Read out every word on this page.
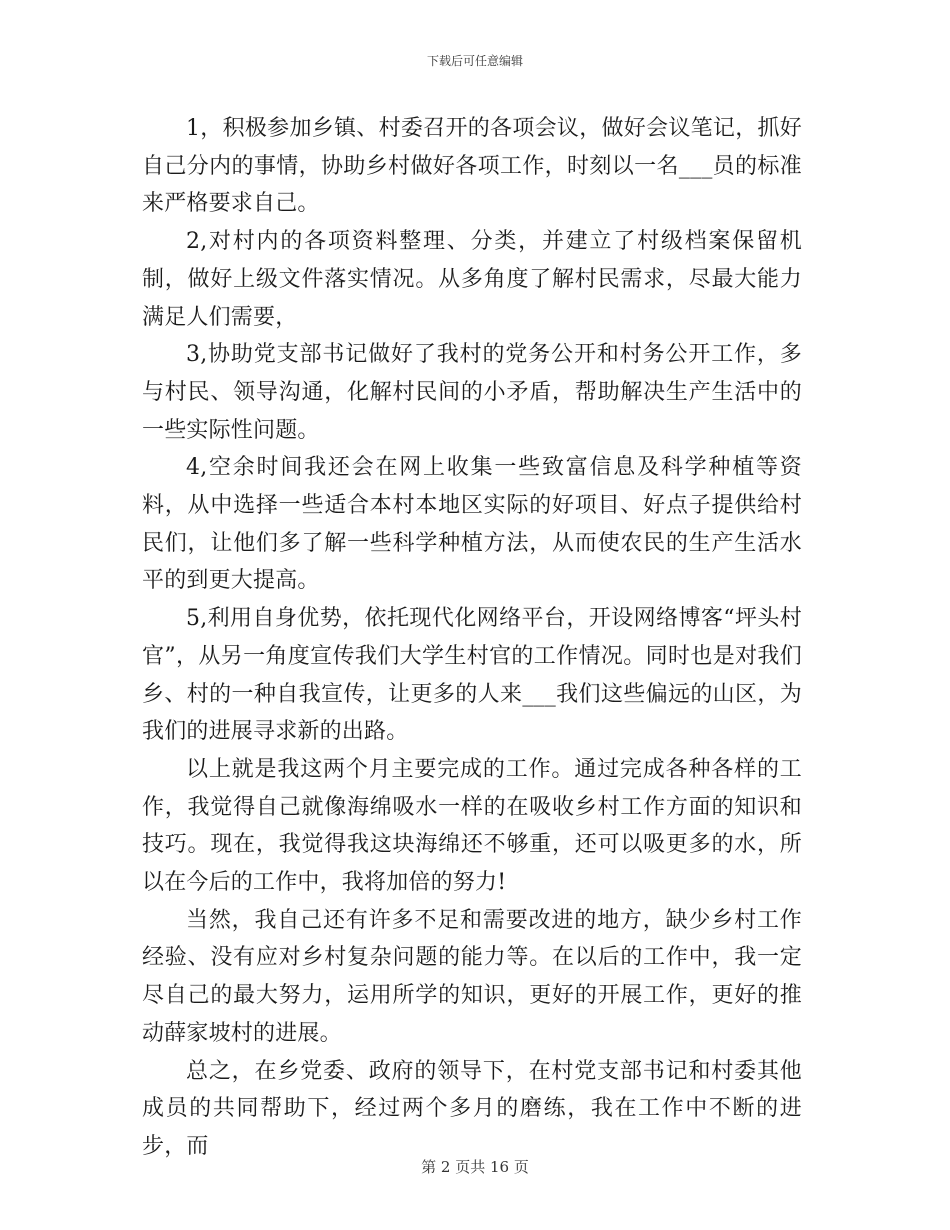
下载后可任意编辑

1，积极参加乡镇、村委召开的各项会议，做好会议笔记，抓好自己分内的事情，协助乡村做好各项工作，时刻以一名___员的标准来严格要求自己。

2,对村内的各项资料整理、分类，并建立了村级档案保留机制，做好上级文件落实情况。从多角度了解村民需求，尽最大能力满足人们需要，

3,协助党支部书记做好了我村的党务公开和村务公开工作，多与村民、领导沟通，化解村民间的小矛盾，帮助解决生产生活中的一些实际性问题。

4,空余时间我还会在网上收集一些致富信息及科学种植等资料，从中选择一些适合本村本地区实际的好项目、好点子提供给村民们，让他们多了解一些科学种植方法，从而使农民的生产生活水平的到更大提高。

5,利用自身优势，依托现代化网络平台，开设网络博客“坪头村官”，从另一角度宣传我们大学生村官的工作情况。同时也是对我们乡、村的一种自我宣传，让更多的人来___我们这些偏远的山区，为我们的进展寻求新的出路。

以上就是我这两个月主要完成的工作。通过完成各种各样的工作，我觉得自己就像海绵吸水一样的在吸收乡村工作方面的知识和技巧。现在，我觉得我这块海绵还不够重，还可以吸更多的水，所以在今后的工作中，我将加倍的努力!

当然，我自己还有许多不足和需要改进的地方，缺少乡村工作经验、没有应对乡村复杂问题的能力等。在以后的工作中，我一定尽自己的最大努力，运用所学的知识，更好的开展工作，更好的推动薛家坡村的进展。

总之，在乡党委、政府的领导下，在村党支部书记和村委其他成员的共同帮助下，经过两个多月的磨练，我在工作中不断的进步，而

第 2 页共 16 页
